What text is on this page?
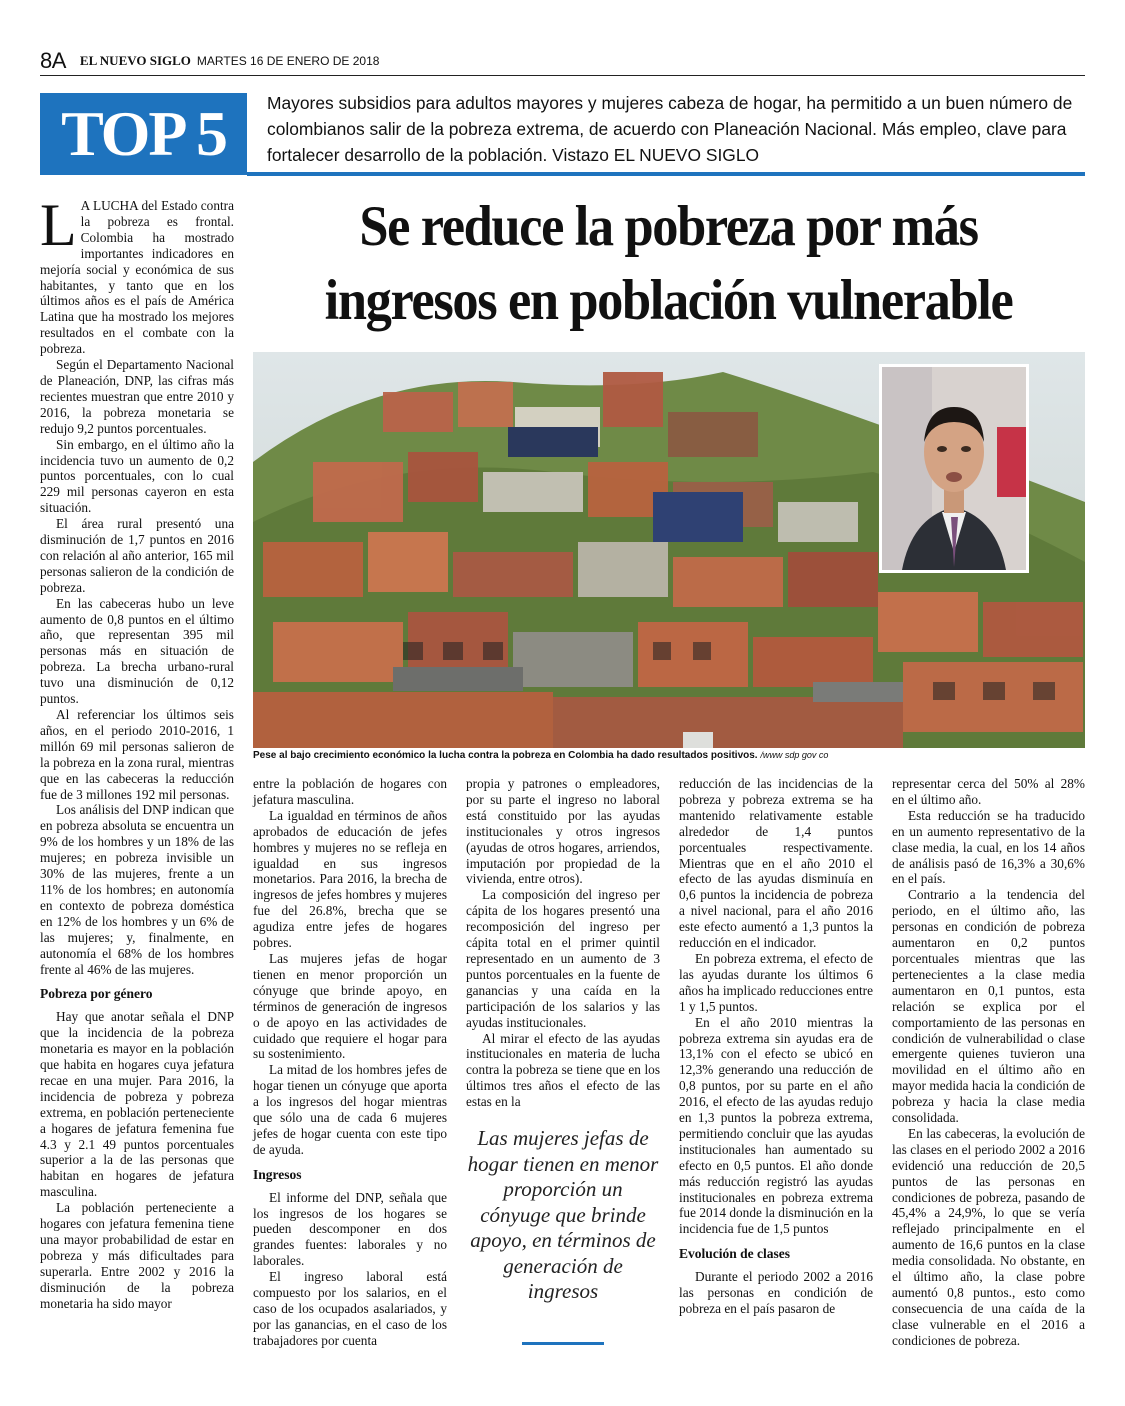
8A EL NUEVO SIGLO MARTES 16 DE ENERO DE 2018
TOP 5	Mayores subsidios para adultos mayores y mujeres cabeza de hogar, ha permitido a un buen número de colombianos salir de la pobreza extrema, de acuerdo con Planeación Nacional. Más empleo, clave para fortalecer desarrollo de la población. Vistazo EL NUEVO SIGLO
Se reduce la pobreza por más
ingresos en población vulnerable
Pese al bajo crecimiento económico la lucha contra la pobreza en Colombia ha dado resultados positivos. /www sdp gov co

L A LUCHA del Estado contra la pobreza es frontal. Colombia ha mostrado importantes indicadores en mejoría social y económica de sus habitantes, y tanto que en los últimos años es el país de América Latina que ha mostrado los mejores resultados en el combate con la pobreza.

Según el Departamento Nacional de Planeación, DNP, las cifras más recientes muestran que entre 2010 y 2016, la pobreza monetaria se redujo 9,2 puntos porcentuales.

Sin embargo, en el último año la incidencia tuvo un aumento de 0,2 puntos porcentuales, con lo cual 229 mil personas cayeron en esta situación.

El área rural presentó una disminución de 1,7 puntos en 2016 con relación al año anterior, 165 mil personas salieron de la condición de pobreza.

En las cabeceras hubo un leve aumento de 0,8 puntos en el último año, que representan 395 mil personas más en situación de pobreza. La brecha urbano-rural tuvo una disminución de 0,12 puntos.

Al referenciar los últimos seis años, en el periodo 2010-2016, 1 millón 69 mil personas salieron de la pobreza en la zona rural, mientras que en las cabeceras la reducción fue de 3 millones 192 mil personas.

Los análisis del DNP indican que en pobreza absoluta se encuentra un 9% de los hombres y un 18% de las mujeres; en pobreza invisible un 30% de las mujeres, frente a un 11% de los hombres; en autonomía en contexto de pobreza doméstica en 12% de los hombres y un 6% de las mujeres; y, finalmente, en autonomía el 68% de los hombres frente al 46% de las mujeres.

Pobreza por género

Hay que anotar señala el DNP que la incidencia de la pobreza monetaria es mayor en la población que habita en hogares cuya jefatura recae en una mujer. Para 2016, la incidencia de pobreza y pobreza extrema, en población perteneciente a hogares de jefatura femenina fue 4.3 y 2.1 49 puntos porcentuales superior a la de las personas que habitan en hogares de jefatura masculina.

La población perteneciente a hogares con jefatura femenina tiene una mayor probabilidad de estar en pobreza y más dificultades para superarla. Entre 2002 y 2016 la disminución de la pobreza monetaria ha sido mayor

entre la población de hogares con jefatura masculina.

La igualdad en términos de años aprobados de educación de jefes hombres y mujeres no se refleja en igualdad en sus ingresos monetarios. Para 2016, la brecha de ingresos de jefes hombres y mujeres fue del 26.8%, brecha que se agudiza entre jefes de hogares pobres.

Las mujeres jefas de hogar tienen en menor proporción un cónyuge que brinde apoyo, en términos de generación de ingresos o de apoyo en las actividades de cuidado que requiere el hogar para su sostenimiento.

La mitad de los hombres jefes de hogar tienen un cónyuge que aporta a los ingresos del hogar mientras que sólo una de cada 6 mujeres jefes de hogar cuenta con este tipo de ayuda.

Ingresos

El informe del DNP, señala que los ingresos de los hogares se pueden descomponer en dos grandes fuentes: laborales y no laborales.

El ingreso laboral está compuesto por los salarios, en el caso de los ocupados asalariados, y por las ganancias, en el caso de los trabajadores por cuenta

propia y patrones o empleadores, por su parte el ingreso no laboral está constituido por las ayudas institucionales y otros ingresos (ayudas de otros hogares, arriendos, imputación por propiedad de la vivienda, entre otros).

La composición del ingreso per cápita de los hogares presentó una recomposición del ingreso per cápita total en el primer quintil representado en un aumento de 3 puntos porcentuales en la fuente de ganancias y una caída en la participación de los salarios y las ayudas institucionales.

Al mirar el efecto de las ayudas institucionales en materia de lucha contra la pobreza se tiene que en los últimos tres años el efecto de las estas en la

Las mujeres jefas de hogar tienen en menor proporción un cónyuge que brinde apoyo, en términos de generación de ingresos

reducción de las incidencias de la pobreza y pobreza extrema se ha mantenido relativamente estable alrededor de 1,4 puntos porcentuales respectivamente. Mientras que en el año 2010 el efecto de las ayudas disminuía en 0,6 puntos la incidencia de pobreza a nivel nacional, para el año 2016 este efecto aumentó a 1,3 puntos la reducción en el indicador.

En pobreza extrema, el efecto de las ayudas durante los últimos 6 años ha implicado reducciones entre 1 y 1,5 puntos.

En el año 2010 mientras la pobreza extrema sin ayudas era de 13,1% con el efecto se ubicó en 12,3% generando una reducción de 0,8 puntos, por su parte en el año 2016, el efecto de las ayudas redujo en 1,3 puntos la pobreza extrema, permitiendo concluir que las ayudas institucionales han aumentado su efecto en 0,5 puntos. El año donde más reducción registró las ayudas institucionales en pobreza extrema fue 2014 donde la disminución en la incidencia fue de 1,5 puntos

Evolución de clases

Durante el periodo 2002 a 2016 las personas en condición de pobreza en el país pasaron de

representar cerca del 50% al 28% en el último año.

Esta reducción se ha traducido en un aumento representativo de la clase media, la cual, en los 14 años de análisis pasó de 16,3% a 30,6% en el país.

Contrario a la tendencia del periodo, en el último año, las personas en condición de pobreza aumentaron en 0,2 puntos porcentuales mientras que las pertenecientes a la clase media aumentaron en 0,1 puntos, esta relación se explica por el comportamiento de las personas en condición de vulnerabilidad o clase emergente quienes tuvieron una movilidad en el último año en mayor medida hacia la condición de pobreza y hacia la clase media consolidada.

En las cabeceras, la evolución de las clases en el periodo 2002 a 2016 evidenció una reducción de 20,5 puntos de las personas en condiciones de pobreza, pasando de 45,4% a 24,9%, lo que se vería reflejado principalmente en el aumento de 16,6 puntos en la clase media consolidada. No obstante, en el último año, la clase pobre aumentó 0,8 puntos., esto como consecuencia de una caída de la clase vulnerable en el 2016 a condiciones de pobreza.
